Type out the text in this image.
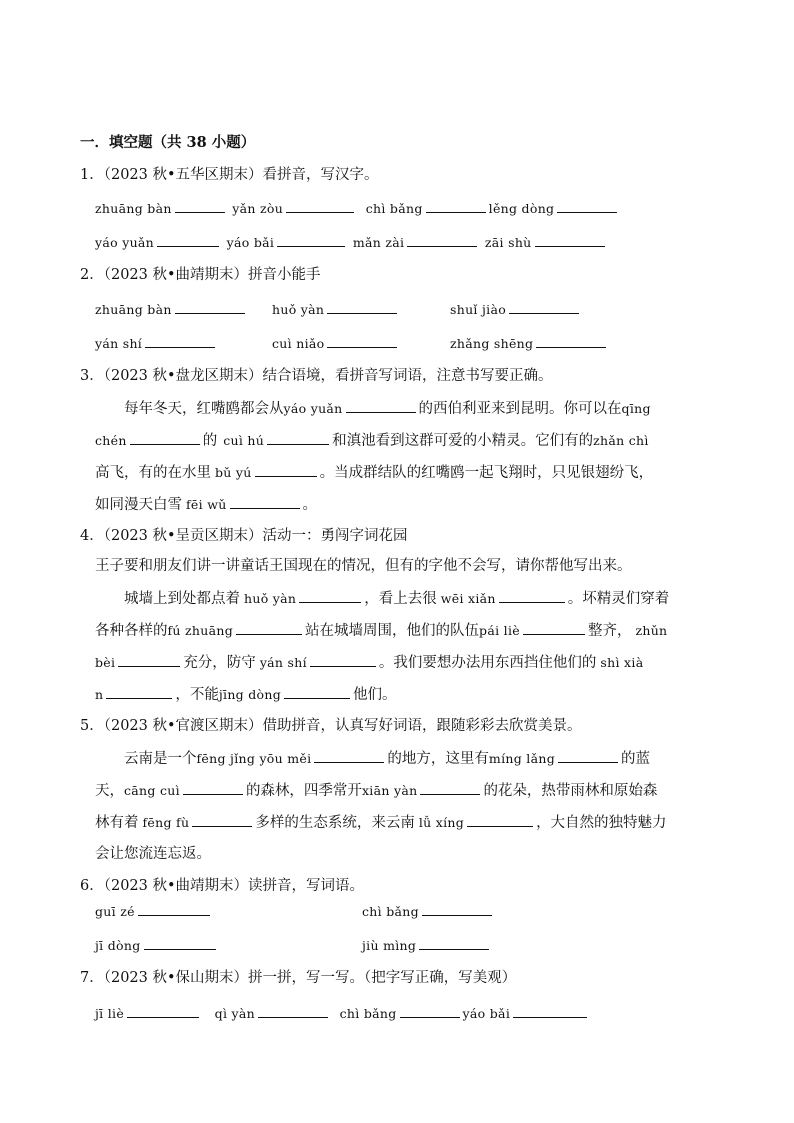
一．填空题（共 38 小题）
1．（2023 秋•五华区期末）看拼音，写汉字。
zhuāng bàn	yǎn zòu	chì bǎng	lěng dòng
yáo yuǎn	yáo bǎi	mǎn zài	zāi shù
2．（2023 秋•曲靖期末）拼音小能手
zhuāng bàn	huǒ yàn	shuǐ jiào
yán shí	cuì niǎo	zhǎng shēng
3．（2023 秋•盘龙区期末）结合语境，看拼音写词语，注意书写要正确。
每年冬天，红嘴鸥都会从yáo yuǎn	的西伯利亚来到昆明。你可以在qīng
chén	的 cuì hú	和滇池看到这群可爱的小精灵。它们有的zhǎn chì
高飞，有的在水里 bǔ yú	。当成群结队的红嘴鸥一起飞翔时，只见银翅纷飞，
如同漫天白雪 fēi wǔ	。
4．（2023 秋•呈贡区期末）活动一：勇闯字词花园
王子要和朋友们讲一讲童话王国现在的情况，但有的字他不会写，请你帮他写出来。
城墙上到处都点着 huǒ yàn	，看上去很 wēi xiǎn	。坏精灵们穿着
各种各样的fú zhuāng	站在城墙周围，他们的队伍pái liè	整齐， zhǔn
bèi	充分，防守 yán shí	。我们要想办法用东西挡住他们的 shì xià
n	，不能jīng dòng	他们。
5．（2023 秋•官渡区期末）借助拼音，认真写好词语，跟随彩彩去欣赏美景。
云南是一个fēng jǐng yōu měi	的地方，这里有míng lǎng	的蓝
天，cāng cuì	的森林，四季常开xiān yàn	的花朵，热带雨林和原始森
林有着 fēng fù	多样的生态系统，来云南 lǚ xíng	，大自然的独特魅力
会让您流连忘返。
6．（2023 秋•曲靖期末）读拼音，写词语。
guī zé	chì bǎng
jī dòng	jiù mìng
7．（2023 秋•保山期末）拼一拼，写一写。（把字写正确，写美观）
jī liè	qì yàn	chì bǎng	yáo bǎi
